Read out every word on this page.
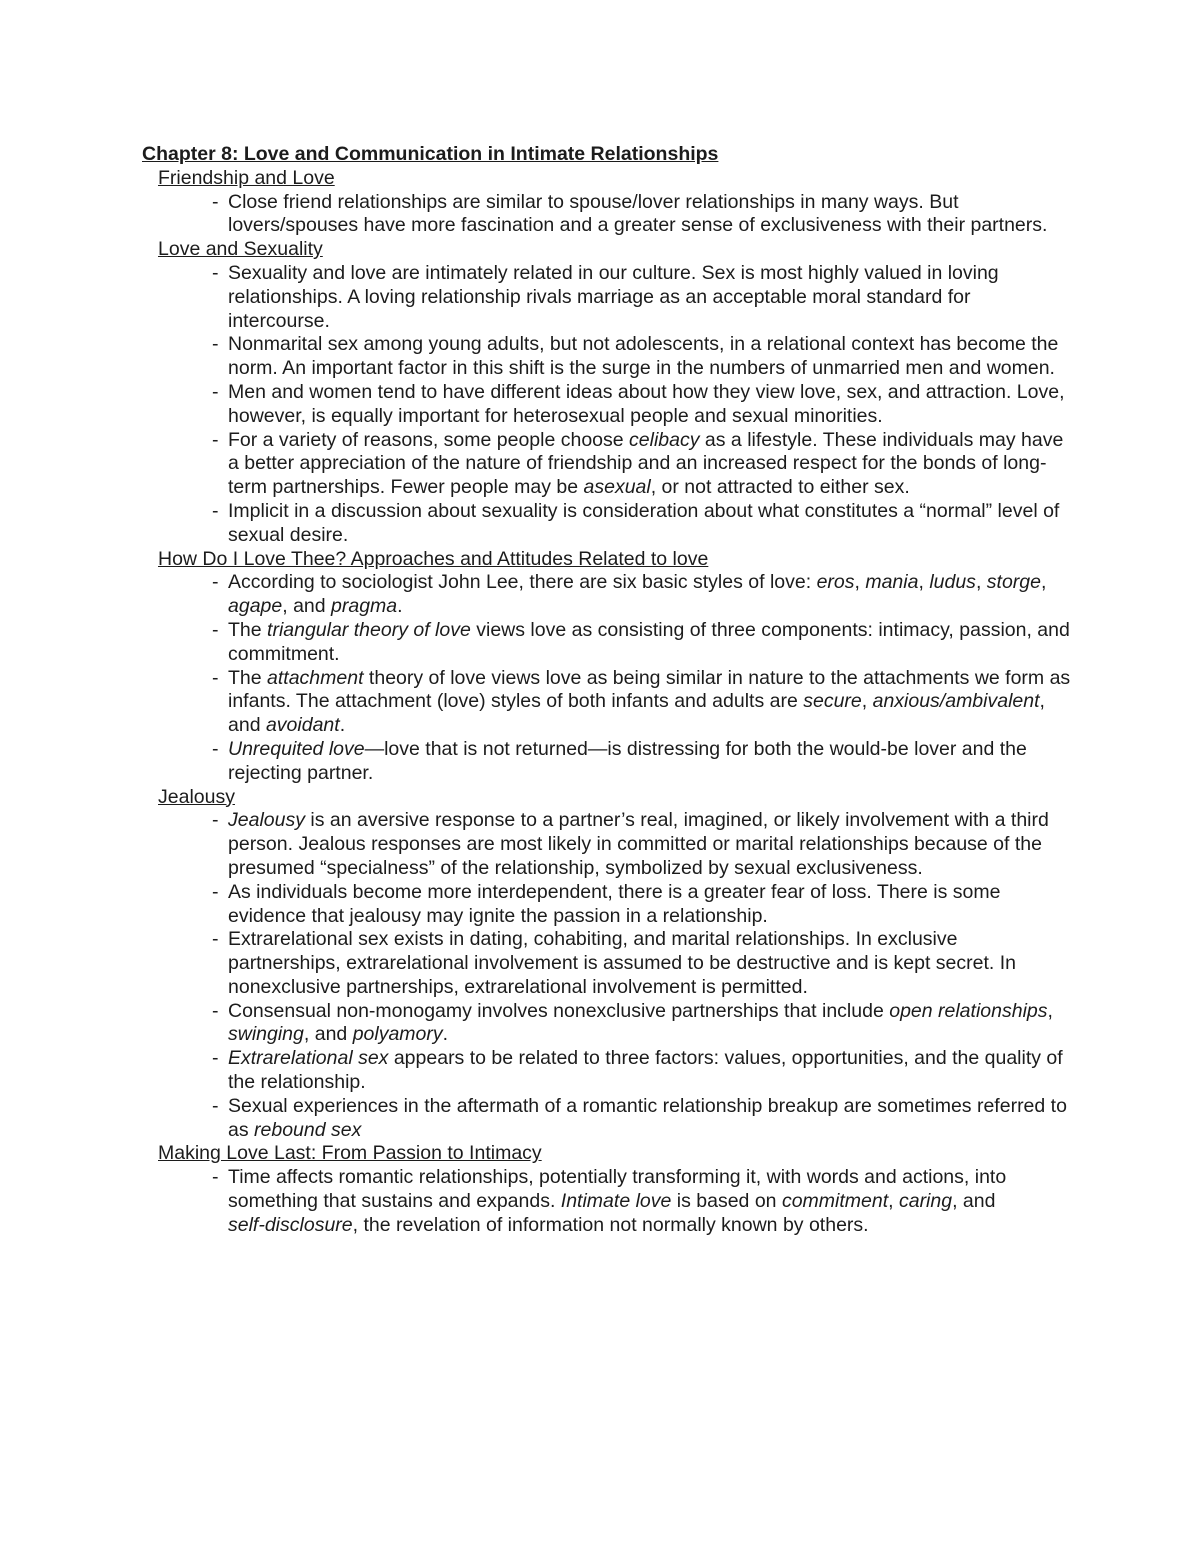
Chapter 8: Love and Communication in Intimate Relationships

Friendship and Love

- Close friend relationships are similar to spouse/lover relationships in many ways. But lovers/spouses have more fascination and a greater sense of exclusiveness with their partners.

Love and Sexuality

- Sexuality and love are intimately related in our culture. Sex is most highly valued in loving relationships. A loving relationship rivals marriage as an acceptable moral standard for intercourse.
- Nonmarital sex among young adults, but not adolescents, in a relational context has become the norm. An important factor in this shift is the surge in the numbers of unmarried men and women.
- Men and women tend to have different ideas about how they view love, sex, and attraction. Love, however, is equally important for heterosexual people and sexual minorities.
- For a variety of reasons, some people choose celibacy as a lifestyle. These individuals may have a better appreciation of the nature of friendship and an increased respect for the bonds of long-term partnerships. Fewer people may be asexual, or not attracted to either sex.
- Implicit in a discussion about sexuality is consideration about what constitutes a “normal” level of sexual desire.

How Do I Love Thee? Approaches and Attitudes Related to love

- According to sociologist John Lee, there are six basic styles of love: eros, mania, ludus, storge, agape, and pragma.
- The triangular theory of love views love as consisting of three components: intimacy, passion, and commitment.
- The attachment theory of love views love as being similar in nature to the attachments we form as infants. The attachment (love) styles of both infants and adults are secure, anxious/ambivalent, and avoidant.
- Unrequited love—love that is not returned—is distressing for both the would-be lover and the rejecting partner.

Jealousy

- Jealousy is an aversive response to a partner’s real, imagined, or likely involvement with a third person. Jealous responses are most likely in committed or marital relationships because of the presumed “specialness” of the relationship, symbolized by sexual exclusiveness.
- As individuals become more interdependent, there is a greater fear of loss. There is some evidence that jealousy may ignite the passion in a relationship.
- Extrarelational sex exists in dating, cohabiting, and marital relationships. In exclusive partnerships, extrarelational involvement is assumed to be destructive and is kept secret. In nonexclusive partnerships, extrarelational involvement is permitted.
- Consensual non-monogamy involves nonexclusive partnerships that include open relationships, swinging, and polyamory.
- Extrarelational sex appears to be related to three factors: values, opportunities, and the quality of the relationship.
- Sexual experiences in the aftermath of a romantic relationship breakup are sometimes referred to as rebound sex

Making Love Last: From Passion to Intimacy

- Time affects romantic relationships, potentially transforming it, with words and actions, into something that sustains and expands. Intimate love is based on commitment, caring, and
self-disclosure, the revelation of information not normally known by others.
